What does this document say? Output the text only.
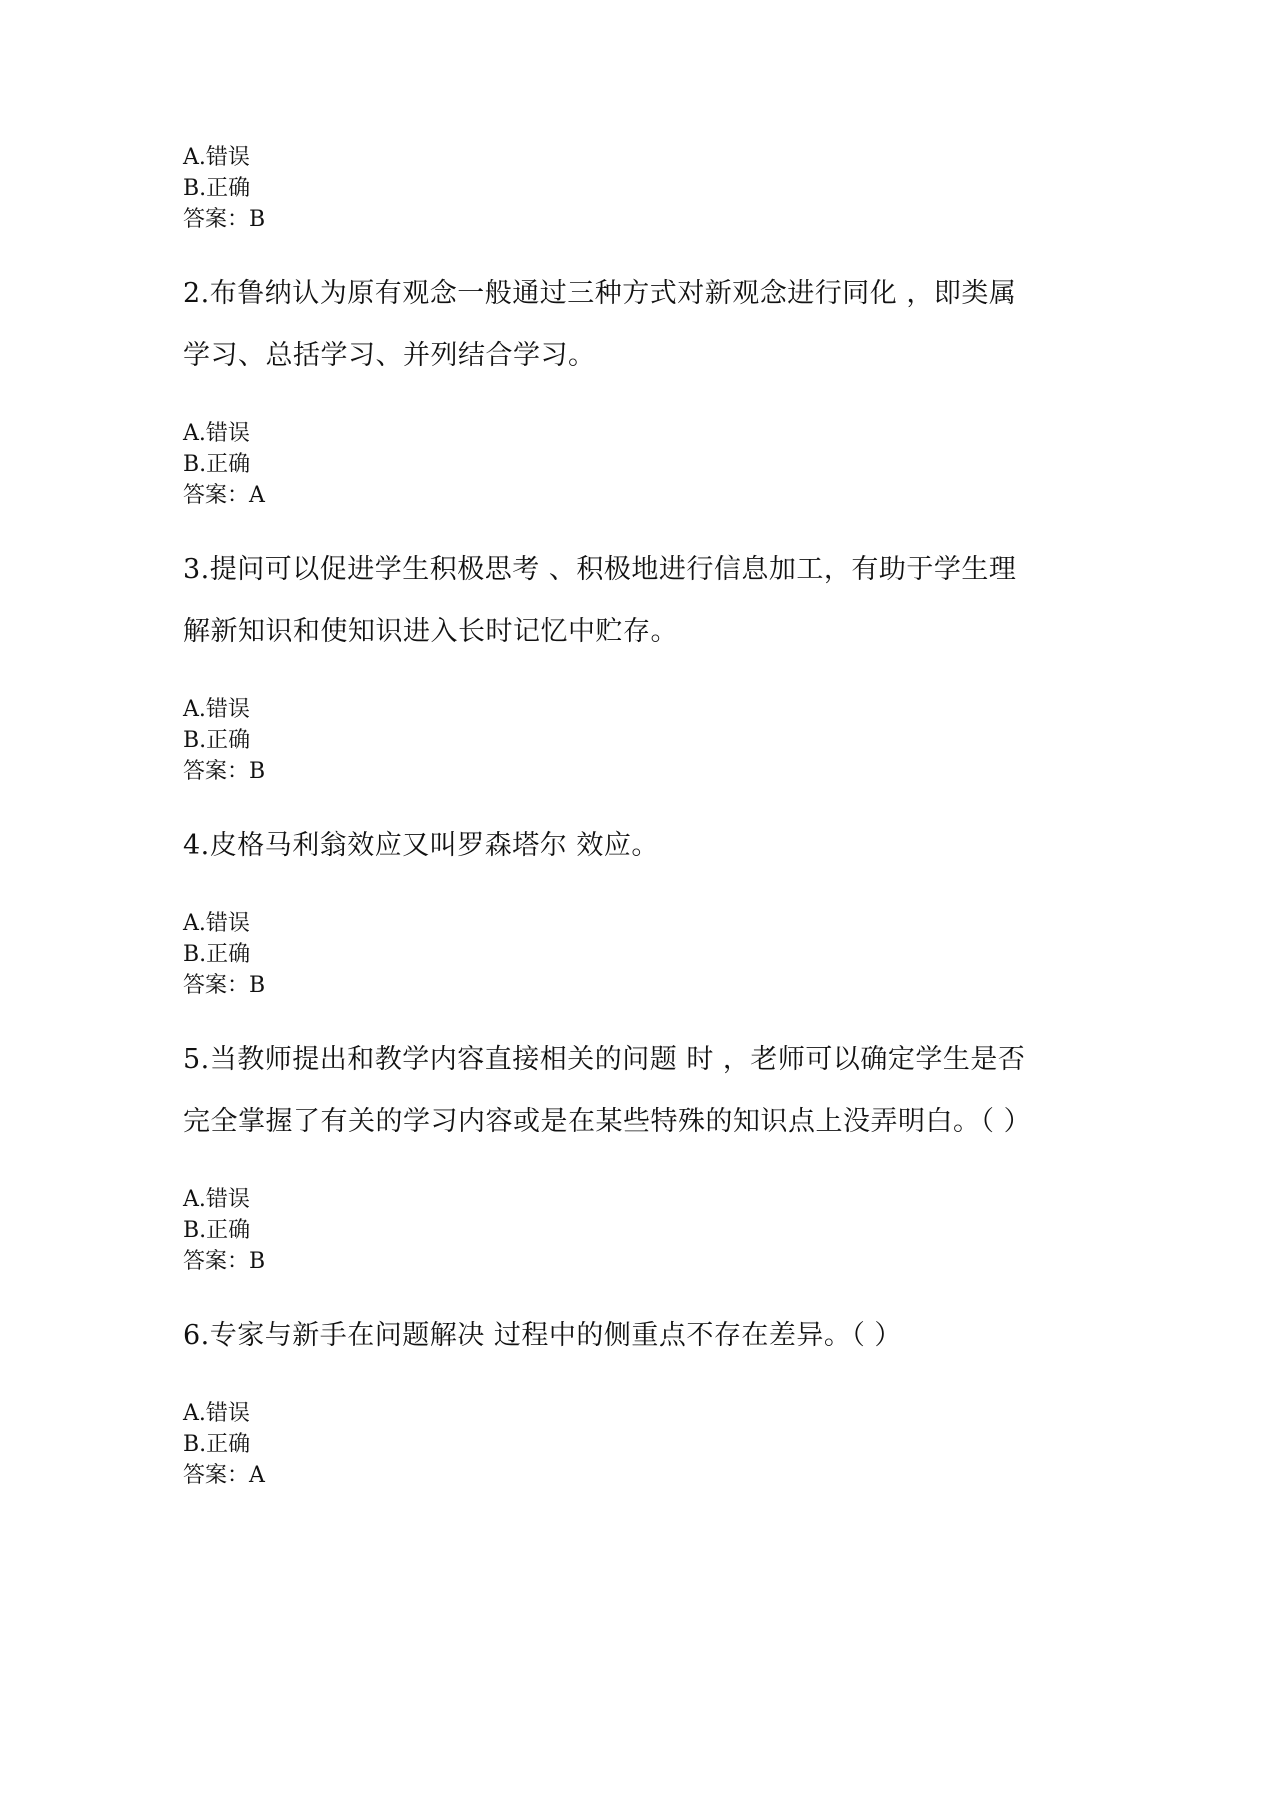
A.错误

B.正确

答案：B

2.布鲁纳认为原有观念一般通过三种方式对新观念进行同化 ，即类属

学习、总括学习、并列结合学习。

A.错误

B.正确

答案：A

3.提问可以促进学生积极思考 、积极地进行信息加工，有助于学生理

解新知识和使知识进入长时记忆中贮存。

A.错误

B.正确

答案：B

4.皮格马利翁效应又叫罗森塔尔 效应。

A.错误

B.正确

答案：B

5.当教师提出和教学内容直接相关的问题 时 ，老师可以确定学生是否

完全掌握了有关的学习内容或是在某些特殊的知识点上没弄明白。（ ）

A.错误

B.正确

答案：B

6.专家与新手在问题解决 过程中的侧重点不存在差异。（ ）

A.错误

B.正确

答案：A
